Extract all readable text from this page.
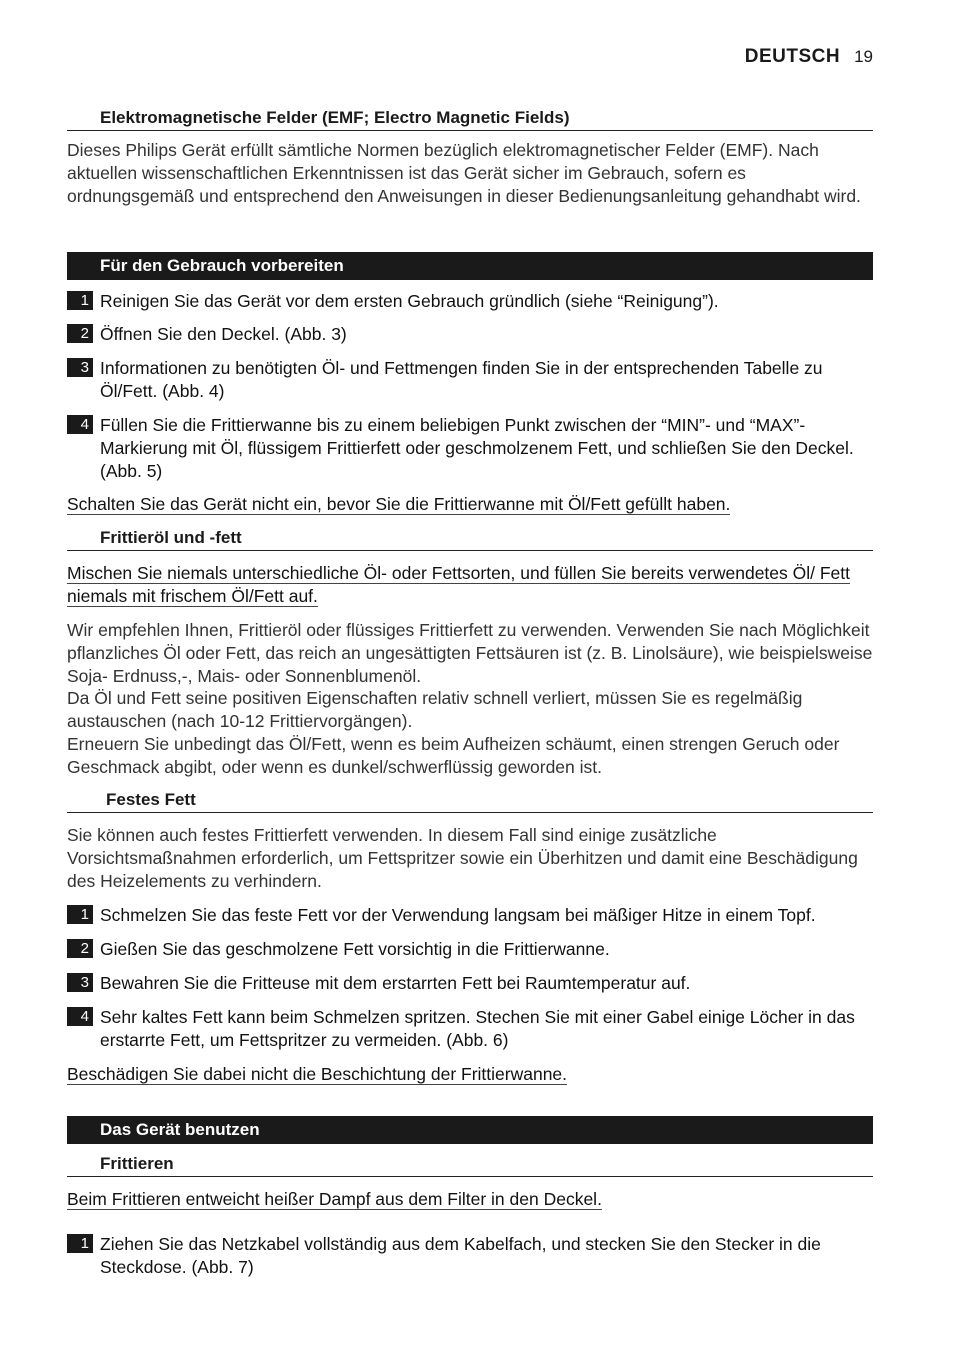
DEUTSCH 19
Elektromagnetische Felder (EMF; Electro Magnetic Fields)
Dieses Philips Gerät erfüllt sämtliche Normen bezüglich elektromagnetischer Felder (EMF). Nach aktuellen wissenschaftlichen Erkenntnissen ist das Gerät sicher im Gebrauch, sofern es ordnungsgemäß und entsprechend den Anweisungen in dieser Bedienungsanleitung gehandhabt wird.
Für den Gebrauch vorbereiten
1 Reinigen Sie das Gerät vor dem ersten Gebrauch gründlich (siehe “Reinigung”).
2 Öffnen Sie den Deckel. (Abb. 3)
3 Informationen zu benötigten Öl- und Fettmengen finden Sie in der entsprechenden Tabelle zu Öl/Fett. (Abb. 4)
4 Füllen Sie die Frittierwanne bis zu einem beliebigen Punkt zwischen der “MIN”- und “MAX”-Markierung mit Öl, flüssigem Frittierfett oder geschmolzenem Fett, und schließen Sie den Deckel. (Abb. 5)
Schalten Sie das Gerät nicht ein, bevor Sie die Frittierwanne mit Öl/Fett gefüllt haben.
Frittieröl und -fett
Mischen Sie niemals unterschiedliche Öl- oder Fettsorten, und füllen Sie bereits verwendetes Öl/ Fett niemals mit frischem Öl/Fett auf.
Wir empfehlen Ihnen, Frittieröl oder flüssiges Frittierfett zu verwenden. Verwenden Sie nach Möglichkeit pflanzliches Öl oder Fett, das reich an ungesättigten Fettsäuren ist (z. B. Linolsäure), wie beispielsweise Soja- Erdnuss,-, Mais- oder Sonnenblumenöl.
Da Öl und Fett seine positiven Eigenschaften relativ schnell verliert, müssen Sie es regelmäßig austauschen (nach 10-12 Frittiervorgängen).
Erneuern Sie unbedingt das Öl/Fett, wenn es beim Aufheizen schäumt, einen strengen Geruch oder Geschmack abgibt, oder wenn es dunkel/schwerflüssig geworden ist.
Festes Fett
Sie können auch festes Frittierfett verwenden. In diesem Fall sind einige zusätzliche Vorsichtsmaßnahmen erforderlich, um Fettspritzer sowie ein Überhitzen und damit eine Beschädigung des Heizelements zu verhindern.
1 Schmelzen Sie das feste Fett vor der Verwendung langsam bei mäßiger Hitze in einem Topf.
2 Gießen Sie das geschmolzene Fett vorsichtig in die Frittierwanne.
3 Bewahren Sie die Fritteuse mit dem erstarrten Fett bei Raumtemperatur auf.
4 Sehr kaltes Fett kann beim Schmelzen spritzen. Stechen Sie mit einer Gabel einige Löcher in das erstarrte Fett, um Fettspritzer zu vermeiden. (Abb. 6)
Beschädigen Sie dabei nicht die Beschichtung der Frittierwanne.
Das Gerät benutzen
Frittieren
Beim Frittieren entweicht heißer Dampf aus dem Filter in den Deckel.
1 Ziehen Sie das Netzkabel vollständig aus dem Kabelfach, und stecken Sie den Stecker in die Steckdose. (Abb. 7)
